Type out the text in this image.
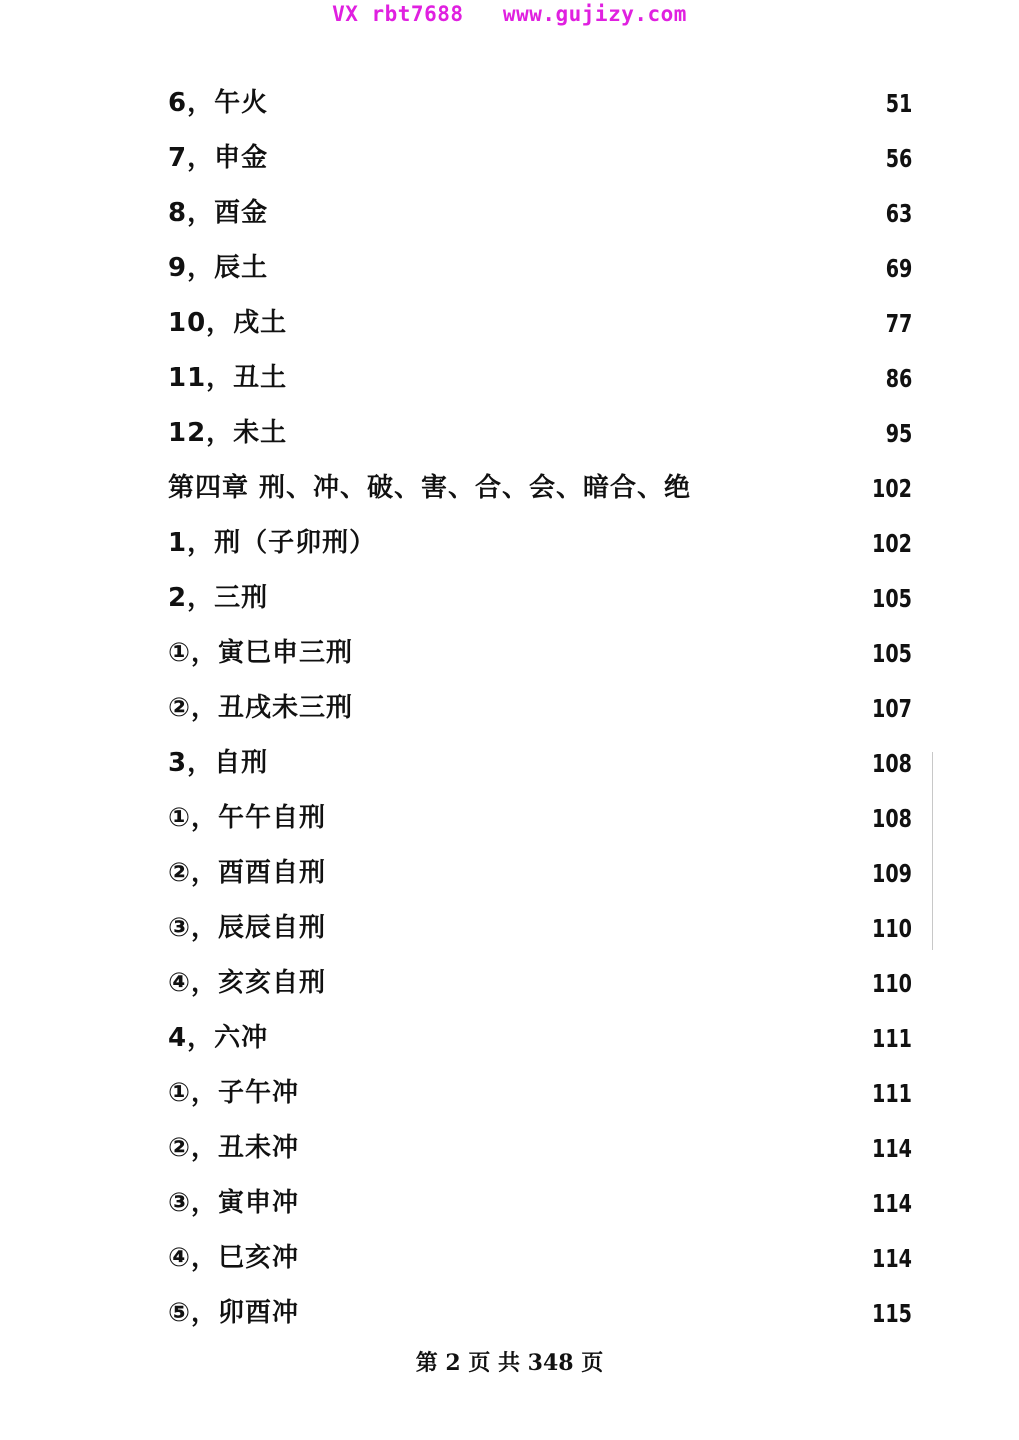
VX rbt7688   www.gujizy.com
6，午火	51
7，申金	56
8，酉金	63
9，辰土	69
10，戌土	77
11，丑土	86
12，未土	95
第四章 刑、冲、破、害、合、会、暗合、绝	102
1，刑（子卯刑）	102
2，三刑	105
①，寅巳申三刑	105
②，丑戌未三刑	107
3，自刑	108
①，午午自刑	108
②，酉酉自刑	109
③，辰辰自刑	110
④，亥亥自刑	110
4，六冲	111
①，子午冲	111
②，丑未冲	114
③，寅申冲	114
④，巳亥冲	114
⑤，卯酉冲	115
第 2 页 共 348 页
